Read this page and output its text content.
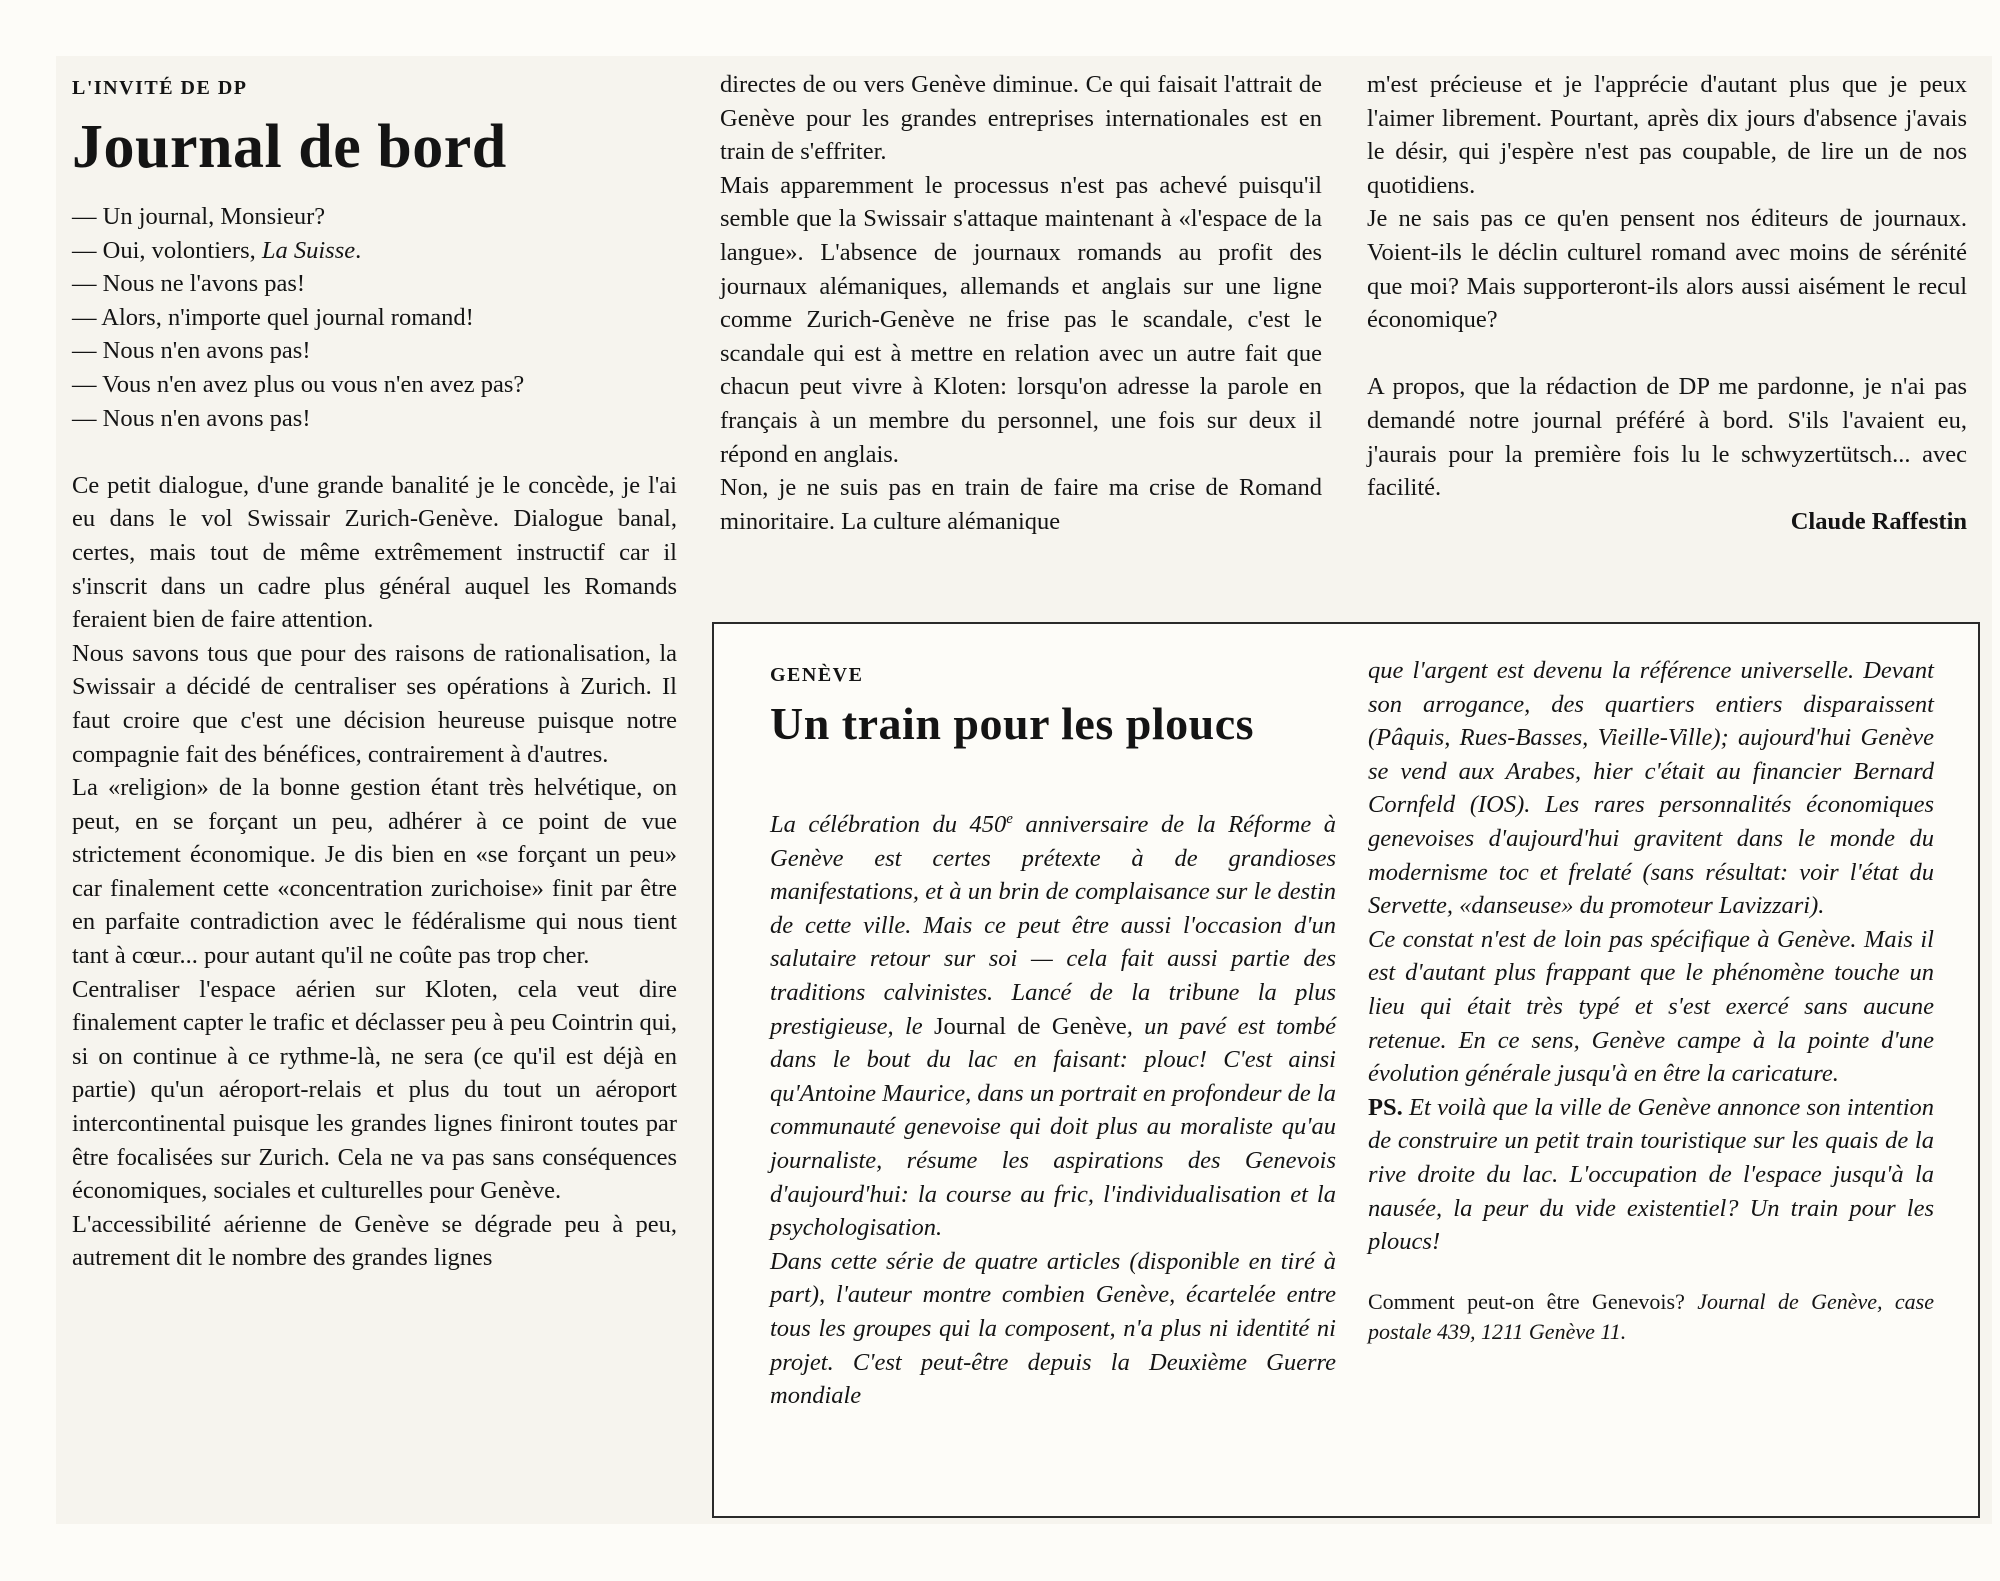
L'INVITÉ DE DP

Journal de bord

— Un journal, Monsieur?

— Oui, volontiers, La Suisse.

— Nous ne l'avons pas!

— Alors, n'importe quel journal romand!

— Nous n'en avons pas!

— Vous n'en avez plus ou vous n'en avez pas?

— Nous n'en avons pas!

Ce petit dialogue, d'une grande banalité je le concède, je l'ai eu dans le vol Swissair Zurich-Genève. Dialogue banal, certes, mais tout de même extrêmement instructif car il s'inscrit dans un cadre plus général auquel les Romands feraient bien de faire attention.

Nous savons tous que pour des raisons de rationalisation, la Swissair a décidé de centraliser ses opérations à Zurich. Il faut croire que c'est une décision heureuse puisque notre compagnie fait des bénéfices, contrairement à d'autres.

La «religion» de la bonne gestion étant très helvétique, on peut, en se forçant un peu, adhérer à ce point de vue strictement économique. Je dis bien en «se forçant un peu» car finalement cette «concentration zurichoise» finit par être en parfaite contradiction avec le fédéralisme qui nous tient tant à cœur... pour autant qu'il ne coûte pas trop cher.

Centraliser l'espace aérien sur Kloten, cela veut dire finalement capter le trafic et déclasser peu à peu Cointrin qui, si on continue à ce rythme-là, ne sera (ce qu'il est déjà en partie) qu'un aéroport-relais et plus du tout un aéroport intercontinental puisque les grandes lignes finiront toutes par être focalisées sur Zurich. Cela ne va pas sans conséquences économiques, sociales et culturelles pour Genève.

L'accessibilité aérienne de Genève se dégrade peu à peu, autrement dit le nombre des grandes lignes

directes de ou vers Genève diminue. Ce qui faisait l'attrait de Genève pour les grandes entreprises internationales est en train de s'effriter.

Mais apparemment le processus n'est pas achevé puisqu'il semble que la Swissair s'attaque maintenant à «l'espace de la langue». L'absence de journaux romands au profit des journaux alémaniques, allemands et anglais sur une ligne comme Zurich-Genève ne frise pas le scandale, c'est le scandale qui est à mettre en relation avec un autre fait que chacun peut vivre à Kloten: lorsqu'on adresse la parole en français à un membre du personnel, une fois sur deux il répond en anglais.

Non, je ne suis pas en train de faire ma crise de Romand minoritaire. La culture alémanique

m'est précieuse et je l'apprécie d'autant plus que je peux l'aimer librement. Pourtant, après dix jours d'absence j'avais le désir, qui j'espère n'est pas coupable, de lire un de nos quotidiens.

Je ne sais pas ce qu'en pensent nos éditeurs de journaux. Voient-ils le déclin culturel romand avec moins de sérénité que moi? Mais supporteront-ils alors aussi aisément le recul économique?

A propos, que la rédaction de DP me pardonne, je n'ai pas demandé notre journal préféré à bord. S'ils l'avaient eu, j'aurais pour la première fois lu le schwyzertütsch... avec facilité.

Claude Raffestin

GENÈVE

Un train pour les ploucs

La célébration du 450e anniversaire de la Réforme à Genève est certes prétexte à de grandioses manifestations, et à un brin de complaisance sur le destin de cette ville. Mais ce peut être aussi l'occasion d'un salutaire retour sur soi — cela fait aussi partie des traditions calvinistes. Lancé de la tribune la plus prestigieuse, le Journal de Genève, un pavé est tombé dans le bout du lac en faisant: plouc! C'est ainsi qu'Antoine Maurice, dans un portrait en profondeur de la communauté genevoise qui doit plus au moraliste qu'au journaliste, résume les aspirations des Genevois d'aujourd'hui: la course au fric, l'individualisation et la psychologisation.

Dans cette série de quatre articles (disponible en tiré à part), l'auteur montre combien Genève, écartelée entre tous les groupes qui la composent, n'a plus ni identité ni projet. C'est peut-être depuis la Deuxième Guerre mondiale

que l'argent est devenu la référence universelle. Devant son arrogance, des quartiers entiers disparaissent (Pâquis, Rues-Basses, Vieille-Ville); aujourd'hui Genève se vend aux Arabes, hier c'était au financier Bernard Cornfeld (IOS). Les rares personnalités économiques genevoises d'aujourd'hui gravitent dans le monde du modernisme toc et frelaté (sans résultat: voir l'état du Servette, «danseuse» du promoteur Lavizzari).

Ce constat n'est de loin pas spécifique à Genève. Mais il est d'autant plus frappant que le phénomène touche un lieu qui était très typé et s'est exercé sans aucune retenue. En ce sens, Genève campe à la pointe d'une évolution générale jusqu'à en être la caricature.

PS. Et voilà que la ville de Genève annonce son intention de construire un petit train touristique sur les quais de la rive droite du lac. L'occupation de l'espace jusqu'à la nausée, la peur du vide existentiel? Un train pour les ploucs!

Comment peut-on être Genevois? Journal de Genève, case postale 439, 1211 Genève 11.
